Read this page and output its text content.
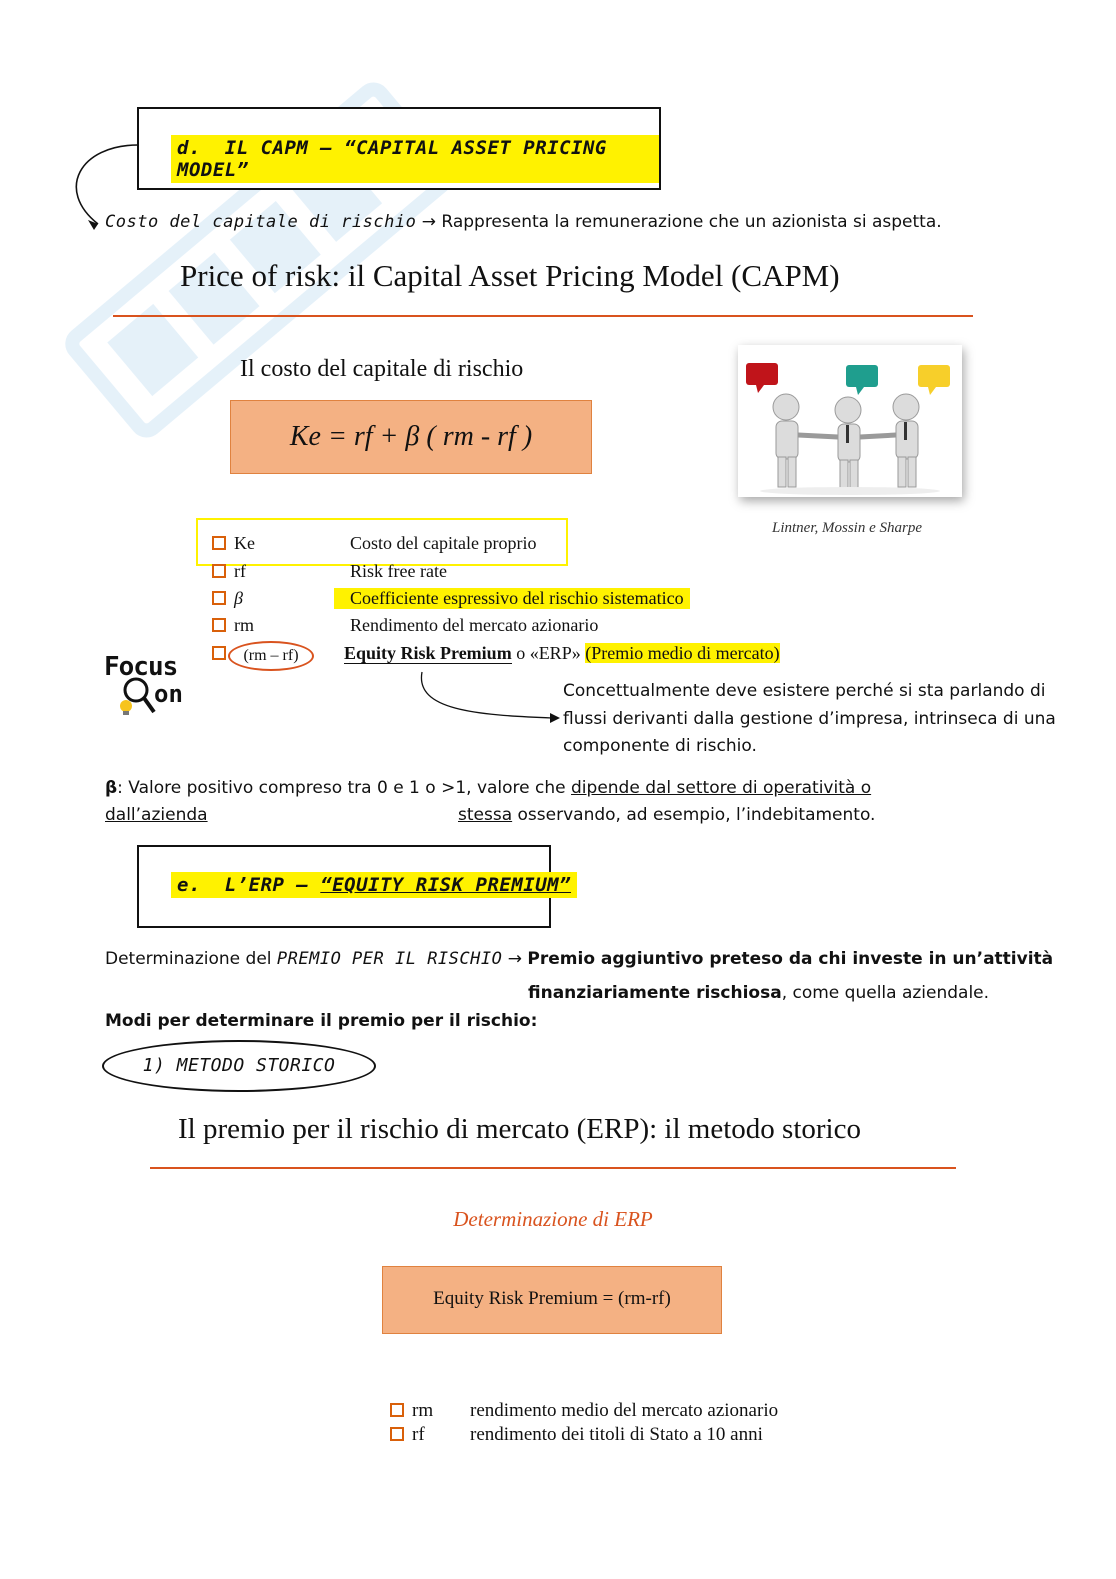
d. IL CAPM – “CAPITAL ASSET PRICING MODEL”
Costo del capitale di rischio → Rappresenta la remunerazione che un azionista si aspetta.
Price of risk: il Capital Asset Pricing Model (CAPM)
Il costo del capitale di rischio
Ke = rf + β ( rm - rf )
Lintner, Mossin e Sharpe
Ke	Costo del capitale proprio
rf	Risk free rate
β	Coefficiente espressivo del rischio sistematico
rm	Rendimento del mercato azionario
(rm – rf)	Equity Risk Premium o «ERP» (Premio medio di mercato)
Focus
on	Concettualmente deve esistere perché si sta parlando di flussi derivanti dalla gestione d’impresa, intrinseca di una componente di rischio.
β: Valore positivo compreso tra 0 e 1 o >1, valore che dipende dal settore di operatività o dall’azienda	stessa osservando, ad esempio, l’indebitamento.
e. L’ERP – “EQUITY RISK PREMIUM”
Determinazione del PREMIO PER IL RISCHIO → Premio aggiuntivo preteso da chi investe in un’attività
finanziariamente rischiosa, come quella aziendale.
Modi per determinare il premio per il rischio:
1) METODO STORICO
Il premio per il rischio di mercato (ERP): il metodo storico
Determinazione di ERP
Equity Risk Premium = (rm-rf)
rm rendimento medio del mercato azionario
rf rendimento dei titoli di Stato a 10 anni
